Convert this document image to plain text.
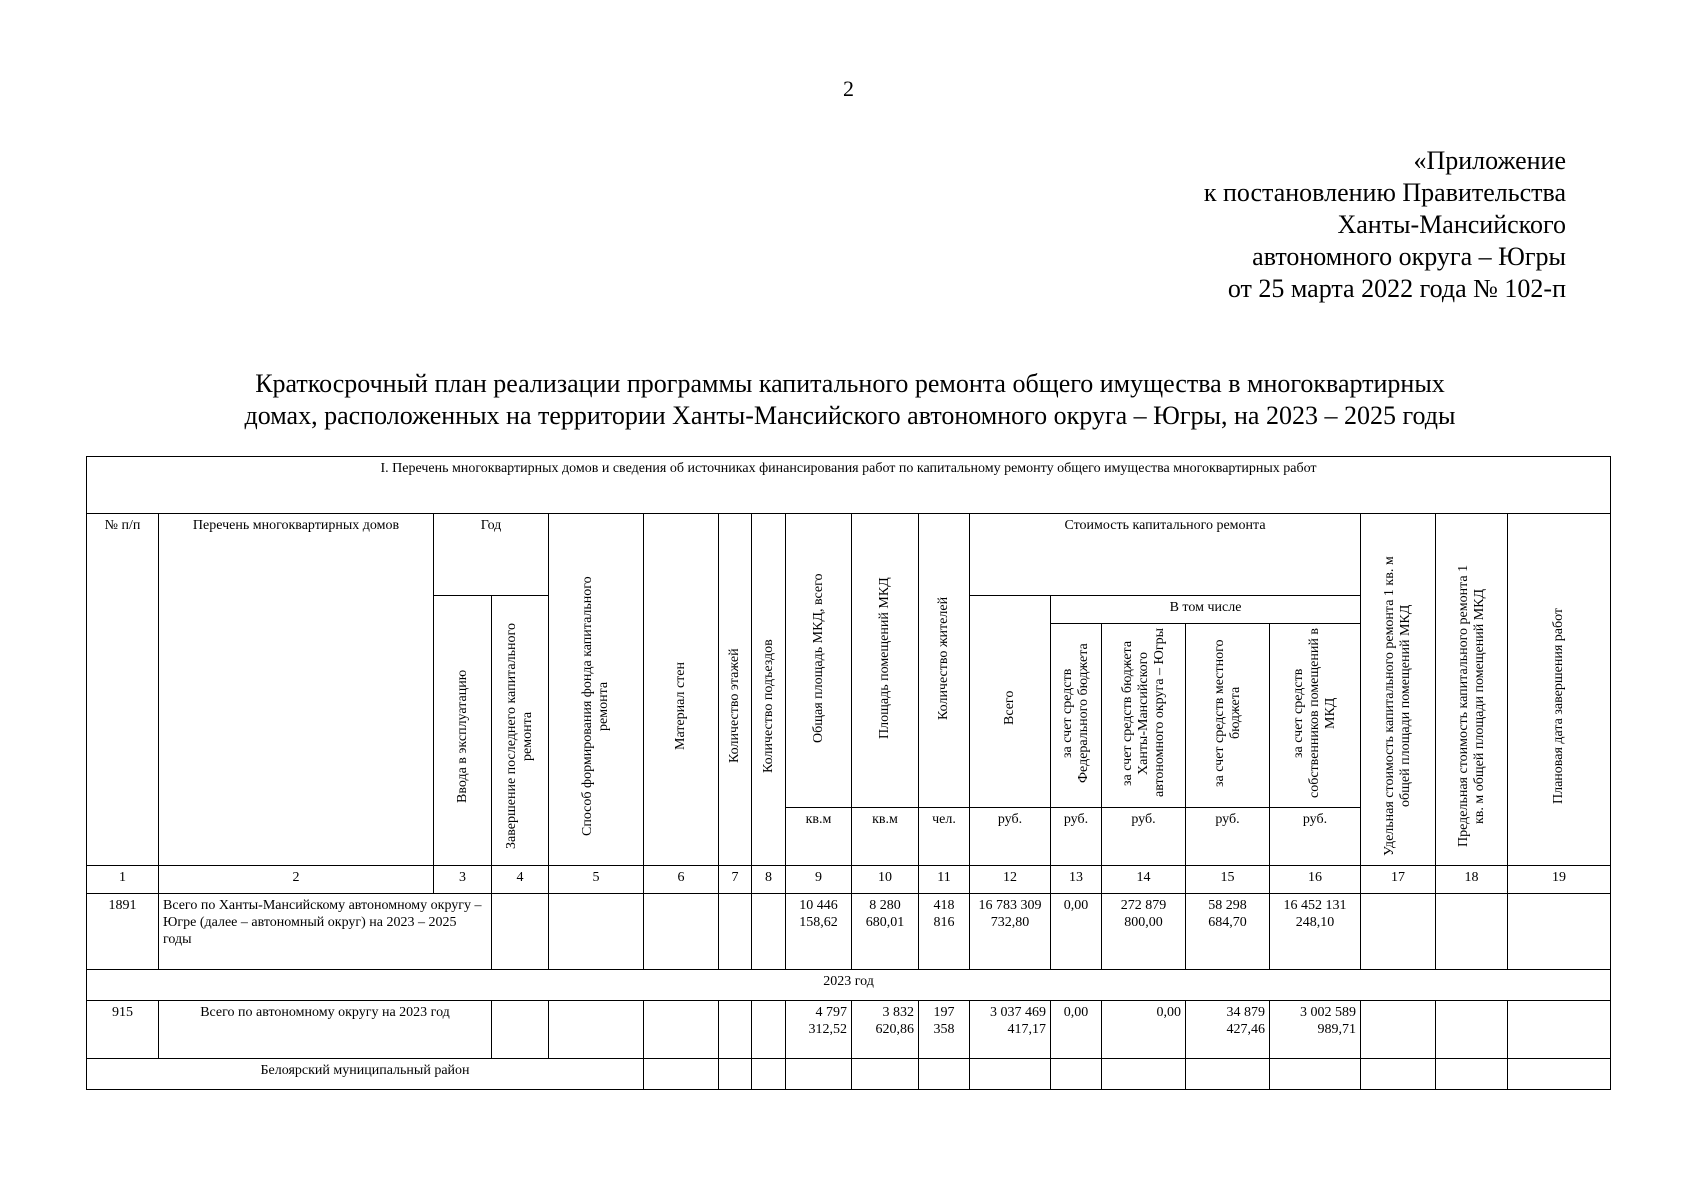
2
«Приложение
к постановлению Правительства
Ханты-Мансийского
автономного округа – Югры
от 25 марта 2022 года № 102-п
Краткосрочный план реализации программы капитального ремонта общего имущества в многоквартирных
домах, расположенных на территории Ханты-Мансийского автономного округа – Югры, на 2023 – 2025 годы
I. Перечень многоквартирных домов и сведения об источниках финансирования работ по капитальному ремонту общего имущества многоквартирных работ																			
№ п/п	Перечень многоквартирных домов	Год		Способ формирования фонда капитального ремонта	Материал стен	Количество этажей	Количество подъездов	Общая площадь МКД, всего	Площадь помещений МКД	Количество жителей	Стоимость капитального ремонта					Удельная стоимость капитального ремонта 1 кв. м общей площади помещений МКД	Предельная стоимость капитального ремонта 1 кв. м общей площади помещений МКД	Плановая дата завершения работ	
		Ввода в эксплуатацию	Завершение последнего капитального ремонта								Всего	В том числе							
												за счет средств Федерального бюджета	за счет средств бюджета Ханты-Мансийского автономного округа – Югры	за счет средств местного бюджета	за счет средств собственников помещений в МКД				
								кв.м	кв.м	чел.	руб.	руб.	руб.	руб.	руб.		
1	2	3	4	5	6	7	8	9	10	11	12	13	14	15	16	17	18	19	
1891	Всего по Ханты-Мансийскому автономному округу – Югре (далее – автономный округ) на 2023 – 2025 годы							10 446 158,62	8 280 680,01	418 816	16 783 309 732,80	0,00	272 879 800,00	58 298 684,70	16 452 131 248,10				
2023 год																			
915	Всего по автономному округу на 2023 год							4 797 312,52	3 832 620,86	197 358	3 037 469 417,17	0,00	0,00	34 879 427,46	3 002 589 989,71				
Белоярский муниципальный район																			
